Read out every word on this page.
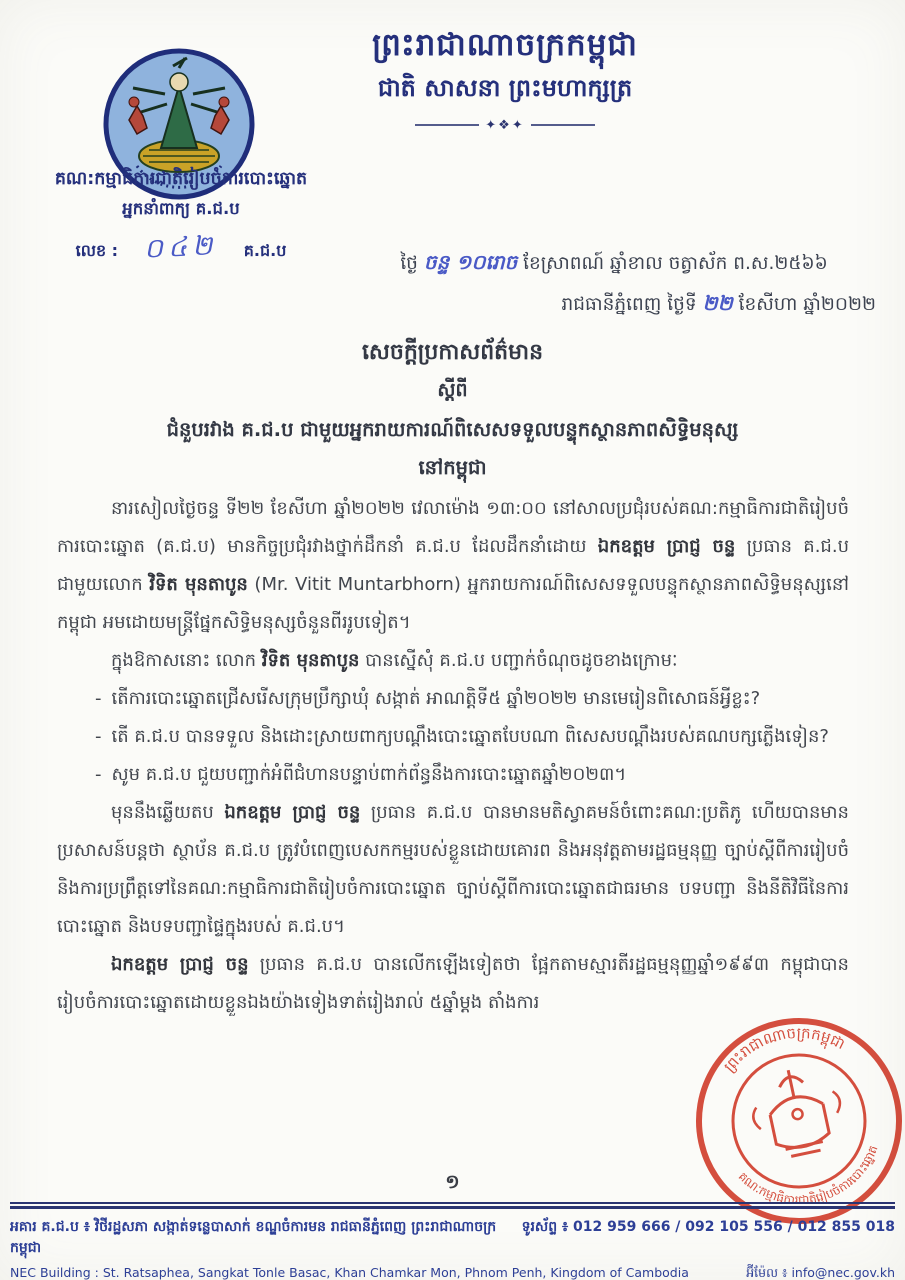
ព្រះរាជាណាចក្រកម្ពុជា
ជាតិ សាសនា ព្រះមហាក្សត្រ
✦❖✦
គណ:កម្មាធិការជាតិរៀបចំការបោះឆ្នោត
អ្នកនាំពាក្យ គ.ជ.ប
លេខ : ០៤២ គ.ជ.ប
ថ្ងៃ ចន្ទ ១០រោច ខែស្រាពណ៍ ឆ្នាំខាល ចត្វាស័ក ព.ស.២៥៦៦
រាជធានីភ្នំពេញ ថ្ងៃទី ២២ ខែសីហា ឆ្នាំ២០២២
សេចក្ដីប្រកាសព័ត៌មាន
ស្ដីពី
ជំនួបរវាង គ.ជ.ប ជាមួយអ្នករាយការណ៍ពិសេសទទួលបន្ទុកស្ថានភាពសិទ្ធិមនុស្ស
នៅកម្ពុជា

នារសៀលថ្ងៃចន្ទ ទី២២ ខែសីហា ឆ្នាំ២០២២ វេលាម៉ោង ១៣:០០ នៅសាលប្រជុំរបស់គណ:កម្មាធិការជាតិរៀបចំការបោះឆ្នោត (គ.ជ.ប) មានកិច្ចប្រជុំរវាងថ្នាក់ដឹកនាំ គ.ជ.ប ដែលដឹកនាំដោយ ឯកឧត្ដម ប្រាជ្ញ ចន្ទ ប្រធាន គ.ជ.ប ជាមួយលោក វិទិត មុនតាបូន (Mr. Vitit Muntarbhorn) អ្នករាយការណ៍ពិសេសទទួលបន្ទុកស្ថានភាពសិទ្ធិមនុស្សនៅកម្ពុជា អមដោយមន្ត្រីផ្នែកសិទ្ធិមនុស្សចំនួនពីររូបទៀត។

ក្នុងឱកាសនោះ លោក វិទិត មុនតាបូន បានស្នើសុំ គ.ជ.ប បញ្ជាក់ចំណុចដូចខាងក្រោមៈ

- តើការបោះឆ្នោតជ្រើសរើសក្រុមប្រឹក្សាឃុំ សង្កាត់ អាណត្តិទី៥ ឆ្នាំ២០២២ មានមេរៀនពិសោធន៍អ្វីខ្លះ?
- តើ គ.ជ.ប បានទទួល និងដោះស្រាយពាក្យបណ្ដឹងបោះឆ្នោតបែបណា ពិសេសបណ្ដឹងរបស់គណបក្សភ្លើងទៀន?
- សូម គ.ជ.ប ជួយបញ្ជាក់អំពីជំហានបន្ទាប់ពាក់ព័ន្ធនឹងការបោះឆ្នោតឆ្នាំ២០២៣។

មុននឹងឆ្លើយតប ឯកឧត្ដម ប្រាជ្ញ ចន្ទ ប្រធាន គ.ជ.ប បានមានមតិស្វាគមន៍ចំពោះគណ:ប្រតិភូ ហើយបានមានប្រសាសន៍បន្តថា ស្ថាប័ន គ.ជ.ប ត្រូវបំពេញបេសកកម្មរបស់ខ្លួនដោយគោរព និងអនុវត្តតាមរដ្ឋធម្មនុញ្ញ ច្បាប់ស្ដីពីការរៀបចំ និងការប្រព្រឹត្តទៅនៃគណ:កម្មាធិការជាតិរៀបចំការបោះឆ្នោត ច្បាប់ស្ដីពីការបោះឆ្នោតជាធរមាន បទបញ្ជា និងនីតិវិធីនៃការបោះឆ្នោត និងបទបញ្ជាផ្ទៃក្នុងរបស់ គ.ជ.ប។

ឯកឧត្ដម ប្រាជ្ញ ចន្ទ ប្រធាន គ.ជ.ប បានលើកឡើងទៀតថា ផ្អែកតាមស្មារតីរដ្ឋធម្មនុញ្ញឆ្នាំ១៩៩៣ កម្ពុជាបានរៀបចំការបោះឆ្នោតដោយខ្លួនឯងយ៉ាងទៀងទាត់រៀងរាល់ ៥ឆ្នាំម្ដង តាំងការ

ព្រះរាជាណាចក្រកម្ពុជា
គណៈកម្មាធិការជាតិរៀបចំការបោះឆ្នោត
១
អគារ គ.ជ.ប ៖ វិថីរដ្ឋសភា សង្កាត់ទន្លេបាសាក់ ខណ្ឌចំការមន រាជធានីភ្នំពេញ ព្រះរាជាណាចក្រកម្ពុជា
ទូរស័ព្ទ ៖ 012 959 666 / 092 105 556 / 012 855 018
NEC Building : St. Ratsaphea, Sangkat Tonle Basac, Khan Chamkar Mon, Phnom Penh, Kingdom of Cambodia	អ៊ីម៉ែល ៖ info@nec.gov.kh
